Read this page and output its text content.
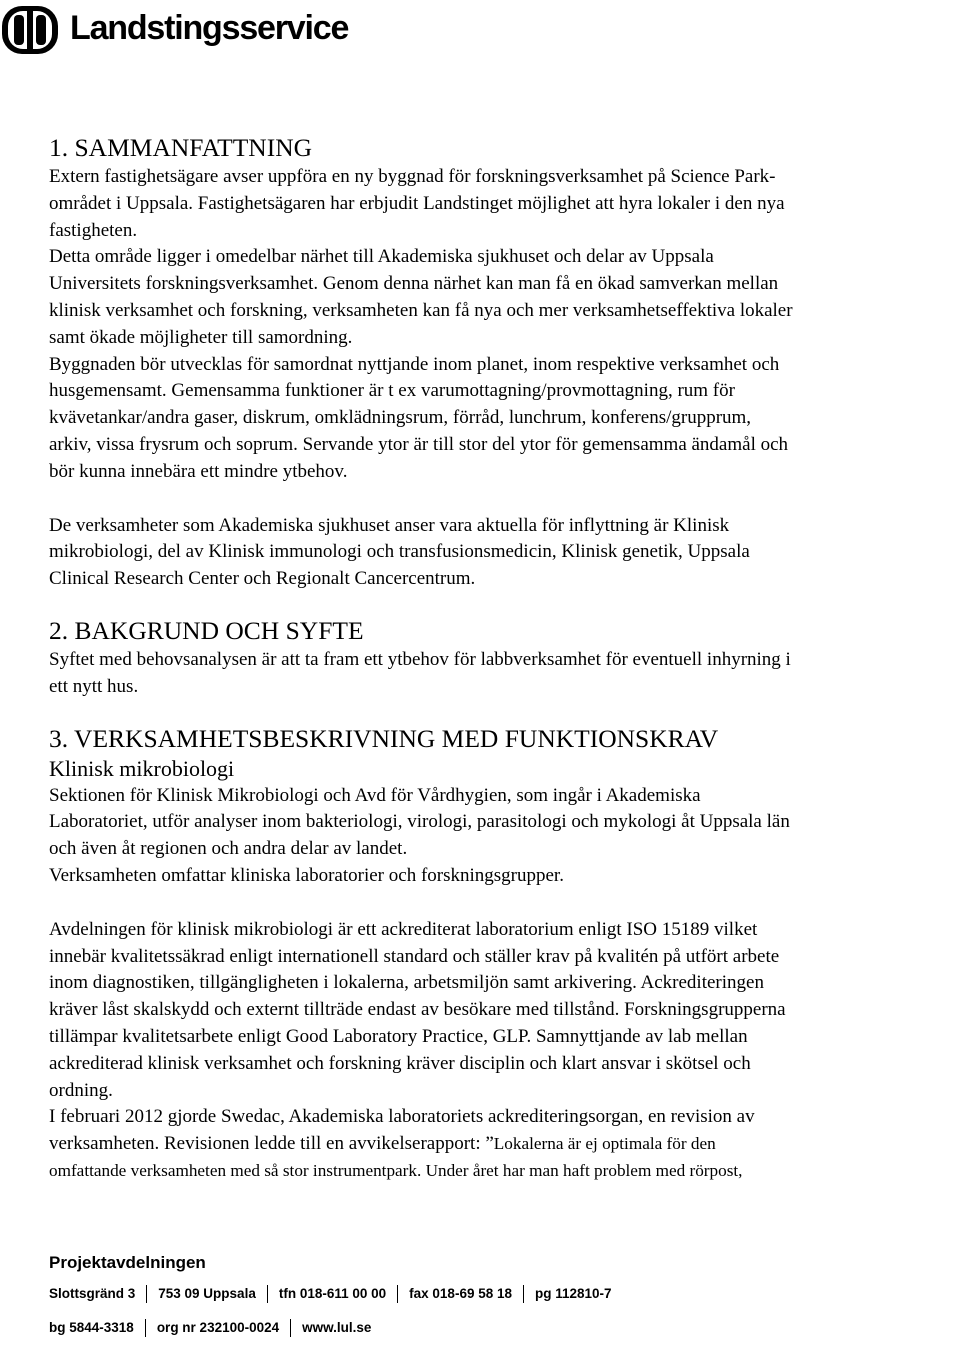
Landstingsservice
1. SAMMANFATTNING

Extern fastighetsägare avser uppföra en ny byggnad för forskningsverksamhet på Science Park-

området i Uppsala. Fastighetsägaren har erbjudit Landstinget möjlighet att hyra lokaler i den nya

fastigheten.

Detta område ligger i omedelbar närhet till Akademiska sjukhuset och delar av Uppsala

Universitets forskningsverksamhet. Genom denna närhet kan man få en ökad samverkan mellan

klinisk verksamhet och forskning, verksamheten kan få nya och mer verksamhetseffektiva lokaler

samt ökade möjligheter till samordning.

Byggnaden bör utvecklas för samordnat nyttjande inom planet, inom respektive verksamhet och

husgemensamt. Gemensamma funktioner är t ex varumottagning/provmottagning, rum för

kvävetankar/andra gaser, diskrum, omklädningsrum, förråd, lunchrum, konferens/grupprum,

arkiv, vissa frysrum och soprum. Servande ytor är till stor del ytor för gemensamma ändamål och

bör kunna innebära ett mindre ytbehov.

De verksamheter som Akademiska sjukhuset anser vara aktuella för inflyttning är Klinisk

mikrobiologi, del av Klinisk immunologi och transfusionsmedicin, Klinisk genetik, Uppsala

Clinical Research Center och Regionalt Cancercentrum.

2. BAKGRUND OCH SYFTE

Syftet med behovsanalysen är att ta fram ett ytbehov för labbverksamhet för eventuell inhyrning i

ett nytt hus.

3. VERKSAMHETSBESKRIVNING MED FUNKTIONSKRAV
Klinisk mikrobiologi

Sektionen för Klinisk Mikrobiologi och Avd för Vårdhygien, som ingår i Akademiska

Laboratoriet, utför analyser inom bakteriologi, virologi, parasitologi och mykologi åt Uppsala län

och även åt regionen och andra delar av landet.

Verksamheten omfattar kliniska laboratorier och forskningsgrupper.

Avdelningen för klinisk mikrobiologi är ett ackrediterat laboratorium enligt ISO 15189 vilket

innebär kvalitetssäkrad enligt internationell standard och ställer krav på kvalitén på utfört arbete

inom diagnostiken, tillgängligheten i lokalerna, arbetsmiljön samt arkivering. Ackrediteringen

kräver låst skalskydd och externt tillträde endast av besökare med tillstånd. Forskningsgrupperna

tillämpar kvalitetsarbete enligt Good Laboratory Practice, GLP. Samnyttjande av lab mellan

ackrediterad klinisk verksamhet och forskning kräver disciplin och klart ansvar i skötsel och

ordning.

I februari 2012 gjorde Swedac, Akademiska laboratoriets ackrediteringsorgan, en revision av

verksamheten. Revisionen ledde till en avvikelserapport: ”Lokalerna är ej optimala för den

omfattande verksamheten med så stor instrumentpark. Under året har man haft problem med rörpost,

Projektavdelningen
Slottsgränd 3 753 09 Uppsala tfn 018-611 00 00 fax 018-69 58 18 pg 112810-7
bg 5844-3318 org nr 232100-0024 www.lul.se
